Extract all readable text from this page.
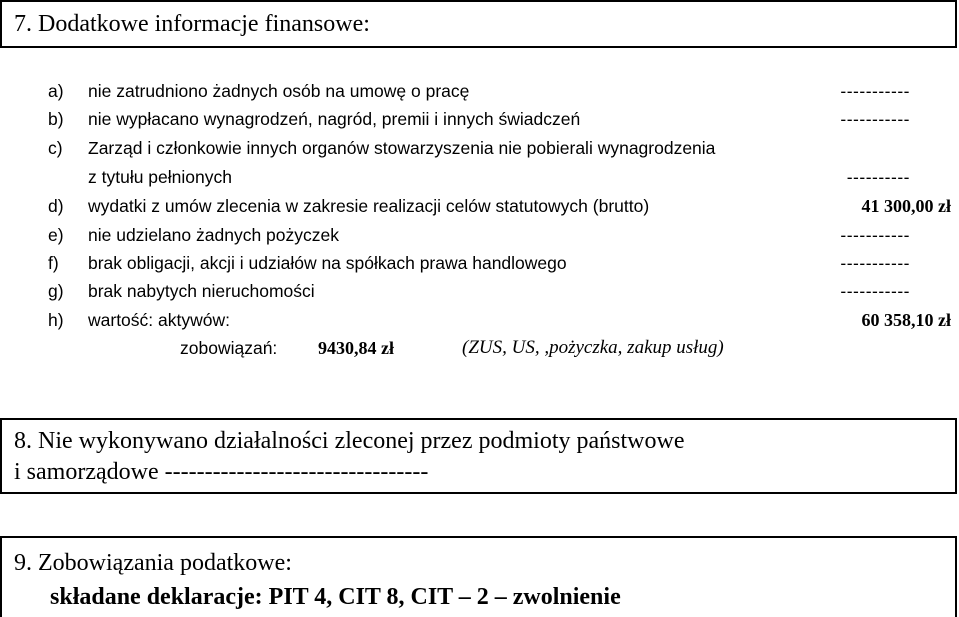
7. Dodatkowe informacje finansowe:
a) nie zatrudniono żadnych osób na umowę o pracę	-----------
b) nie wypłacano wynagrodzeń, nagród, premii i innych świadczeń	-----------
c) Zarząd i członkowie innych organów stowarzyszenia nie pobierali wynagrodzenia
z tytułu pełnionych	----------
d) wydatki z umów zlecenia w zakresie realizacji celów statutowych (brutto)	41 300,00 zł
e) nie udzielano żadnych pożyczek	-----------
f) brak obligacji, akcji i udziałów na spółkach prawa handlowego	-----------
g) brak nabytych nieruchomości	-----------
h) wartość: aktywów:	60 358,10 zł
zobowiązań: 9430,84 zł	(ZUS, US, ,pożyczka, zakup usług)
8. Nie wykonywano działalności zleconej przez podmioty państwowe
i samorządowe ---------------------------------
9. Zobowiązania podatkowe:
składane deklaracje: PIT 4, CIT 8, CIT – 2 – zwolnienie
